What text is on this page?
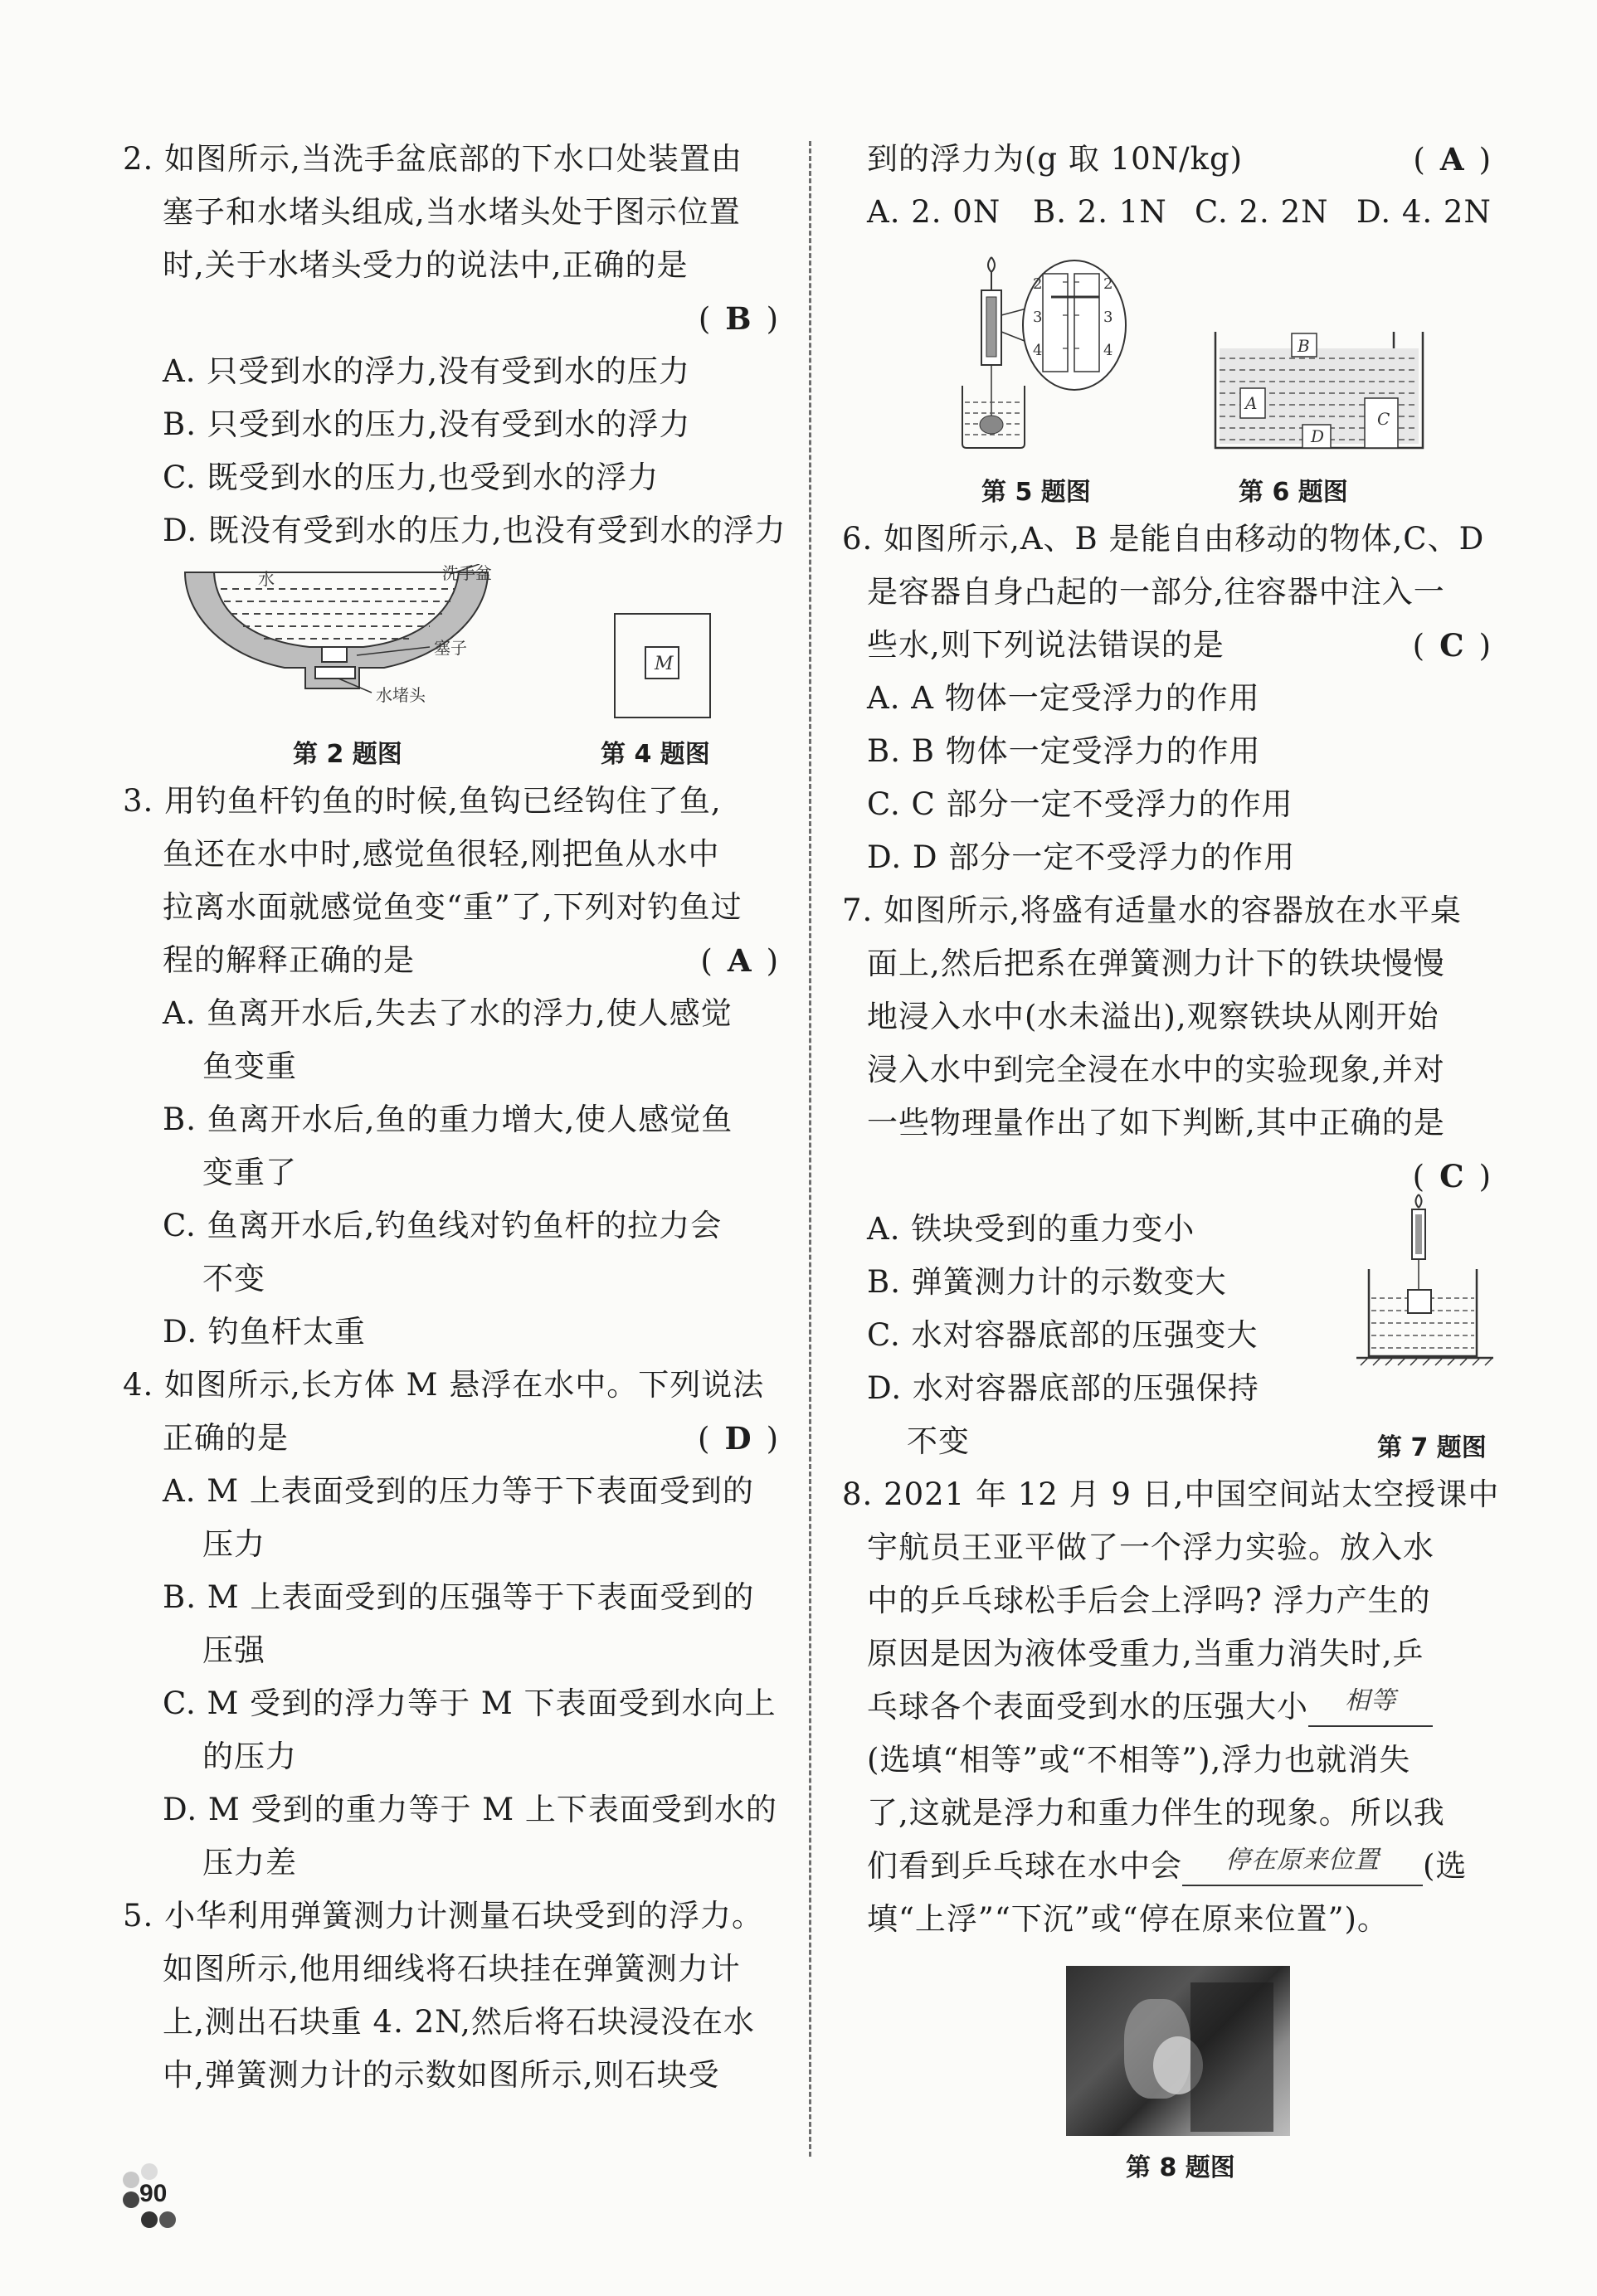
2. 如图所示,当洗手盆底部的下水口处装置由
塞子和水堵头组成,当水堵头处于图示位置
时,关于水堵头受力的说法中,正确的是
(B)
A. 只受到水的浮力,没有受到水的压力
B. 只受到水的压力,没有受到水的浮力
C. 既受到水的压力,也受到水的浮力
D. 既没有受到水的压力,也没有受到水的浮力
水	洗手盆
塞子
水堵头
M
第 2 题图	第 4 题图
3. 用钓鱼杆钓鱼的时候,鱼钩已经钩住了鱼,
鱼还在水中时,感觉鱼很轻,刚把鱼从水中
拉离水面就感觉鱼变“重”了,下列对钓鱼过
程的解释正确的是	(A)
A. 鱼离开水后,失去了水的浮力,使人感觉
鱼变重
B. 鱼离开水后,鱼的重力增大,使人感觉鱼
变重了
C. 鱼离开水后,钓鱼线对钓鱼杆的拉力会
不变
D. 钓鱼杆太重
4. 如图所示,长方体 M 悬浮在水中。下列说法
正确的是	(D)
A. M 上表面受到的压力等于下表面受到的
压力
B. M 上表面受到的压强等于下表面受到的
压强
C. M 受到的浮力等于 M 下表面受到水向上
的压力
D. M 受到的重力等于 M 上下表面受到水的
压力差
5. 小华利用弹簧测力计测量石块受到的浮力。
如图所示,他用细线将石块挂在弹簧测力计
上,测出石块重 4. 2N,然后将石块浸没在水
中,弹簧测力计的示数如图所示,则石块受
到的浮力为(g 取 10N/kg)	(A)
A. 2. 0N	B. 2. 1N C. 2. 2N D. 4. 2N
2
3
4
2
3
4	B
A
C
D
第 5 题图	第 6 题图
6. 如图所示,A、B 是能自由移动的物体,C、D
是容器自身凸起的一部分,往容器中注入一
些水,则下列说法错误的是	(C)
A. A 物体一定受浮力的作用
B. B 物体一定受浮力的作用
C. C 部分一定不受浮力的作用
D. D 部分一定不受浮力的作用
7. 如图所示,将盛有适量水的容器放在水平桌
面上,然后把系在弹簧测力计下的铁块慢慢
地浸入水中(水未溢出),观察铁块从刚开始
浸入水中到完全浸在水中的实验现象,并对
一些物理量作出了如下判断,其中正确的是
(C)
A. 铁块受到的重力变小
B. 弹簧测力计的示数变大
C. 水对容器底部的压强变大
D. 水对容器底部的压强保持
不变	第 7 题图
8. 2021 年 12 月 9 日,中国空间站太空授课中
宇航员王亚平做了一个浮力实验。放入水
中的乒乓球松手后会上浮吗? 浮力产生的
原因是因为液体受重力,当重力消失时,乒
乓球各个表面受到水的压强大小 相等
(选填“相等”或“不相等”),浮力也就消失
了,这就是浮力和重力伴生的现象。所以我
们看到乒乓球在水中会 停在原来位置 (选
填“上浮”“下沉”或“停在原来位置”)。
第 8 题图
90
